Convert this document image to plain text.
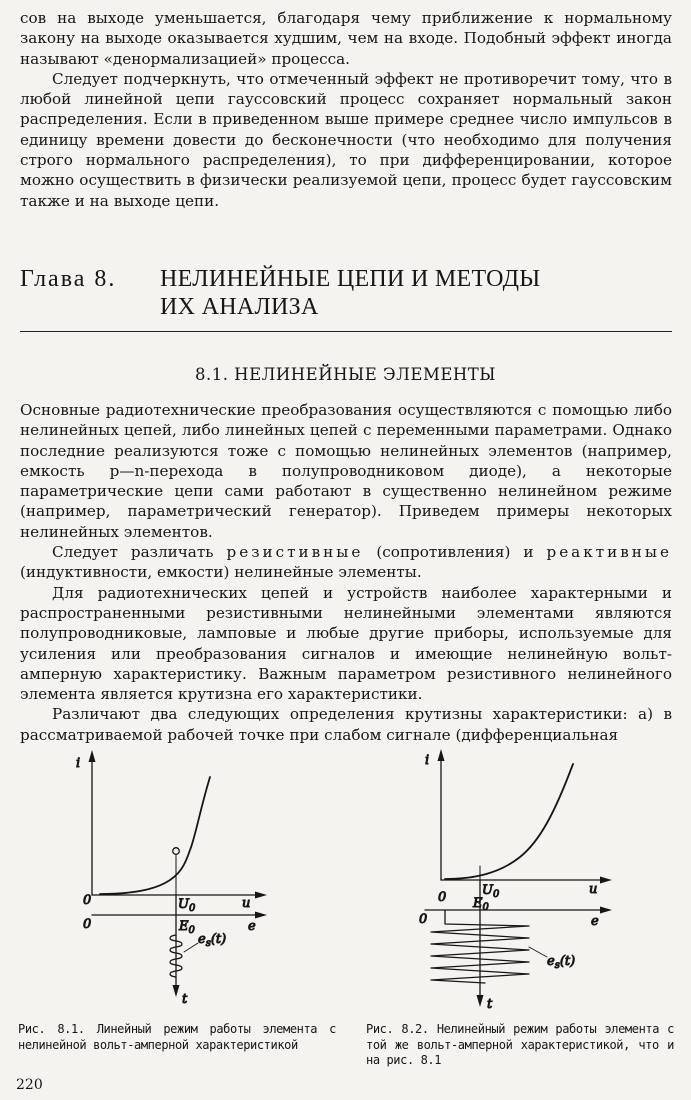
сов на выходе уменьшается, благодаря чему приближение к нормальному закону на выходе оказывается худшим, чем на входе. Подобный эффект иногда называют «денормализацией» процесса.

Следует подчеркнуть, что отмеченный эффект не противоречит тому, что в любой линейной цепи гауссовский процесс сохраняет нормальный закон распределения. Если в приведенном выше примере среднее число импульсов в единицу времени довести до бесконечности (что необходимо для получения строго нормального распределения), то при дифференцировании, которое можно осуществить в физически реализуемой цепи, процесс будет гауссовским также и на выходе цепи.

Глава 8. НЕЛИНЕЙНЫЕ ЦЕПИ И МЕТОДЫ
ИХ АНАЛИЗА
8.1. НЕЛИНЕЙНЫЕ ЭЛЕМЕНТЫ

Основные радиотехнические преобразования осуществляются с помощью либо нелинейных цепей, либо линейных цепей с переменными параметрами. Однако последние реализуются тоже с помощью нелинейных элементов (например, емкость p—n-перехода в полупроводниковом диоде), а некоторые параметрические цепи сами работают в существенно нелинейном режиме (например, параметрический генератор). Приведем примеры некоторых нелинейных элементов.

Следует различать резистивные (сопротивления) и реактивные (индуктивности, емкости) нелинейные элементы.

Для радиотехнических цепей и устройств наиболее характерными и распространенными резистивными нелинейными элементами являются полупроводниковые, ламповые и любые другие приборы, используемые для усиления или преобразования сигналов и имеющие нелинейную вольт-амперную характеристику. Важным параметром резистивного нелинейного элемента является крутизна его характеристики.

Различают два следующих определения крутизны характеристики: а) в рассматриваемой рабочей точке при слабом сигнале (дифференциальная

i
0	u
$U_0$
0	e
$E_0$
$e_s(t)$
t
i
0
u
$U_0$
0	e
$E_0$
$e_s(t)$
t
Рис. 8.1. Линейный режим работы элемента с нелинейной вольт-амперной характеристикой
Рис. 8.2. Нелинейный режим работы элемента с той же вольт-амперной характеристикой, что и на рис. 8.1
220
